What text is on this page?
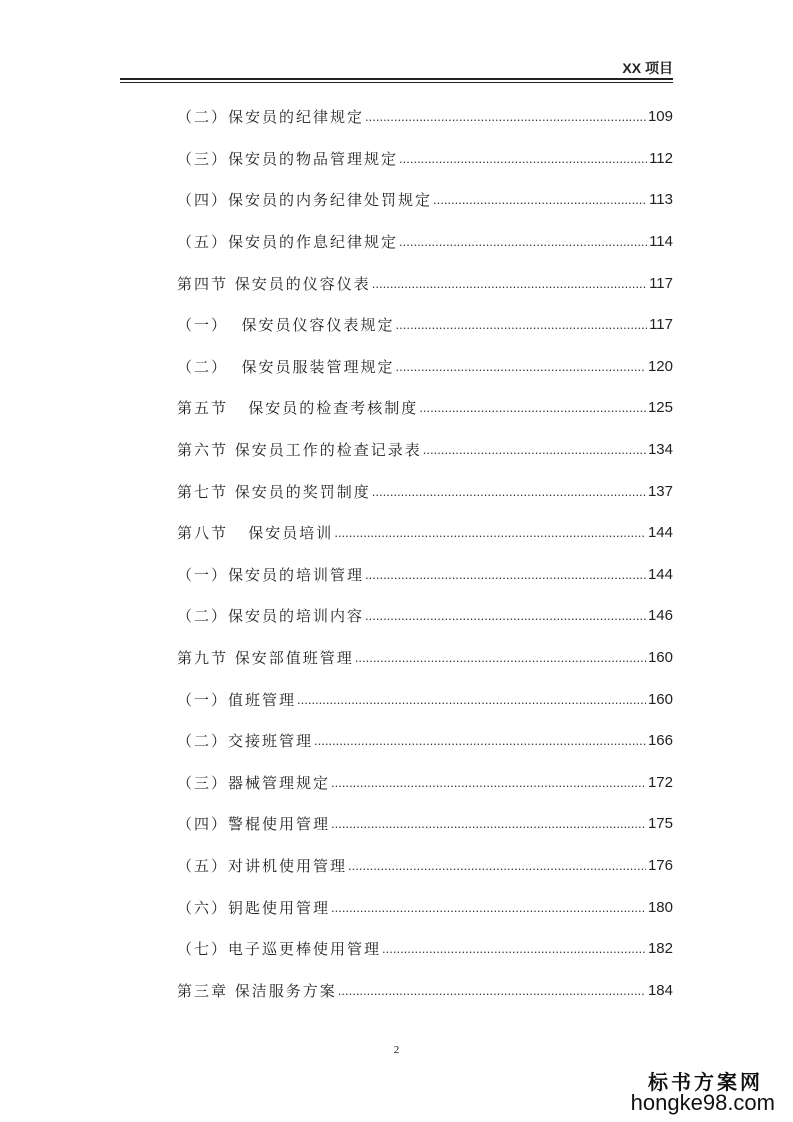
XX 项目
（二）保安员的纪律规定 .....	109
（三）保安员的物品管理规定 .....	112
（四）保安员的内务纪律处罚规定 .....	113
（五）保安员的作息纪律规定 .....	114
第四节 保安员的仪容仪表 .....	117
（一）  保安员仪容仪表规定 .....	117
（二）  保安员服装管理规定 .....	120
第五节   保安员的检查考核制度 .....	125
第六节 保安员工作的检查记录表 .....	134
第七节 保安员的奖罚制度 .....	137
第八节   保安员培训 .....	144
（一）保安员的培训管理 .....	144
（二）保安员的培训内容 .....	146
第九节 保安部值班管理 .....	160
（一）值班管理 .....	160
（二）交接班管理 .....	166
（三）器械管理规定 .....	172
（四）警棍使用管理 .....	175
（五）对讲机使用管理 .....	176
（六）钥匙使用管理 .....	180
（七）电子巡更棒使用管理 .....	182
第三章 保洁服务方案 .....	184
2
标书方案网
hongke98.com
